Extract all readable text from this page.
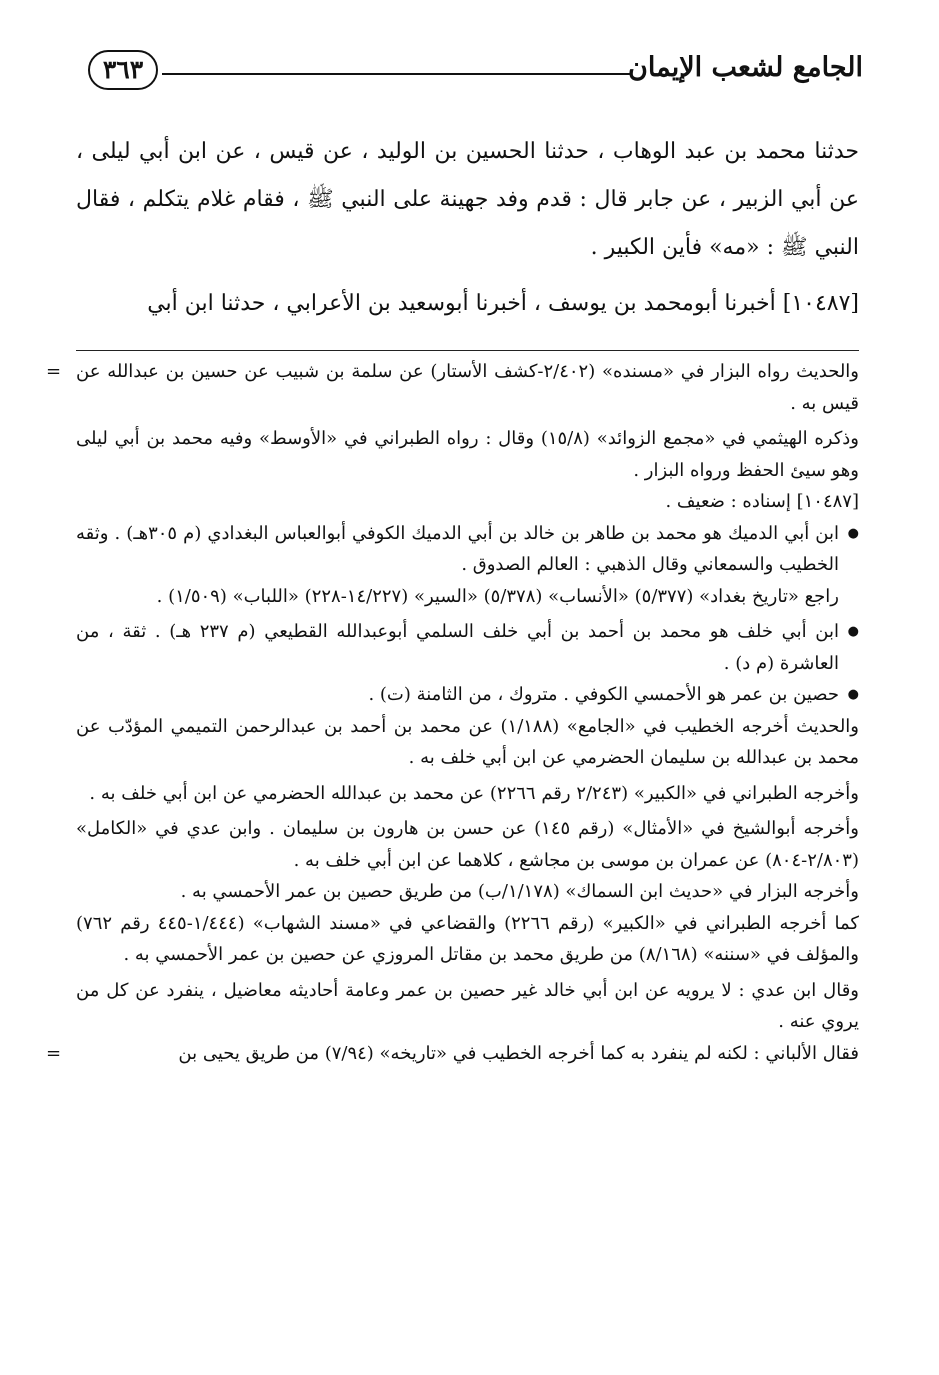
الجامع لشعب الإيمان
٣٦٣

حدثنا محمد بن عبد الوهاب ، حدثنا الحسين بن الوليد ، عن قيس ، عن ابن أبي ليلى ، عن أبي الزبير ، عن جابر قال : قدم وفد جهينة على النبي ﷺ ، فقام غلام يتكلم ، فقال النبي ﷺ : «مه» فأين الكبير .

[١٠٤٨٧] أخبرنا أبومحمد بن يوسف ، أخبرنا أبوسعيد بن الأعرابي ، حدثنا ابن أبي

= والحديث رواه البزار في «مسنده» (٢/٤٠٢-كشف الأستار) عن سلمة بن شبيب عن حسين بن عبدالله عن قيس به .

وذكره الهيثمي في «مجمع الزوائد» (١٥/٨) وقال : رواه الطبراني في «الأوسط» وفيه محمد بن أبي ليلى وهو سيئ الحفظ ورواه البزار .

[١٠٤٨٧] إسناده : ضعيف .

● ابن أبي الدميك هو محمد بن طاهر بن خالد بن أبي الدميك الكوفي أبوالعباس البغدادي (م ٣٠٥هـ) . وثقه الخطيب والسمعاني وقال الذهبي : العالم الصدوق .

راجع «تاريخ بغداد» (٥/٣٧٧) «الأنساب» (٥/٣٧٨) «السير» (١٤/٢٢٧-٢٢٨) «اللباب» (١/٥٠٩) .

● ابن أبي خلف هو محمد بن أحمد بن أبي خلف السلمي أبوعبدالله القطيعي (م ٢٣٧ هـ) . ثقة ، من العاشرة (م د) .

● حصين بن عمر هو الأحمسي الكوفي . متروك ، من الثامنة (ت) .

والحديث أخرجه الخطيب في «الجامع» (١/١٨٨) عن محمد بن أحمد بن عبدالرحمن التميمي المؤدّب عن محمد بن عبدالله بن سليمان الحضرمي عن ابن أبي خلف به .

وأخرجه الطبراني في «الكبير» (٢/٢٤٣ رقم ٢٢٦٦) عن محمد بن عبدالله الحضرمي عن ابن أبي خلف به .

وأخرجه أبوالشيخ في «الأمثال» (رقم ١٤٥) عن حسن بن هارون بن سليمان . وابن عدي في «الكامل» (٢/٨٠٣-٨٠٤) عن عمران بن موسى بن مجاشع ، كلاهما عن ابن أبي خلف به .

وأخرجه البزار في «حديث ابن السماك» (١/١٧٨/ب) من طريق حصين بن عمر الأحمسي به .

كما أخرجه الطبراني في «الكبير» (رقم ٢٢٦٦) والقضاعي في «مسند الشهاب» (١/٤٤٤-٤٤٥ رقم ٧٦٢) والمؤلف في «سننه» (٨/١٦٨) من طريق محمد بن مقاتل المروزي عن حصين بن عمر الأحمسي به .

وقال ابن عدي : لا يرويه عن ابن أبي خالد غير حصين بن عمر وعامة أحاديثه معاضيل ، ينفرد عن كل من يروي عنه .

فقال الألباني : لكنه لم ينفرد به كما أخرجه الخطيب في «تاريخه» (٧/٩٤) من طريق يحيى بن
=
